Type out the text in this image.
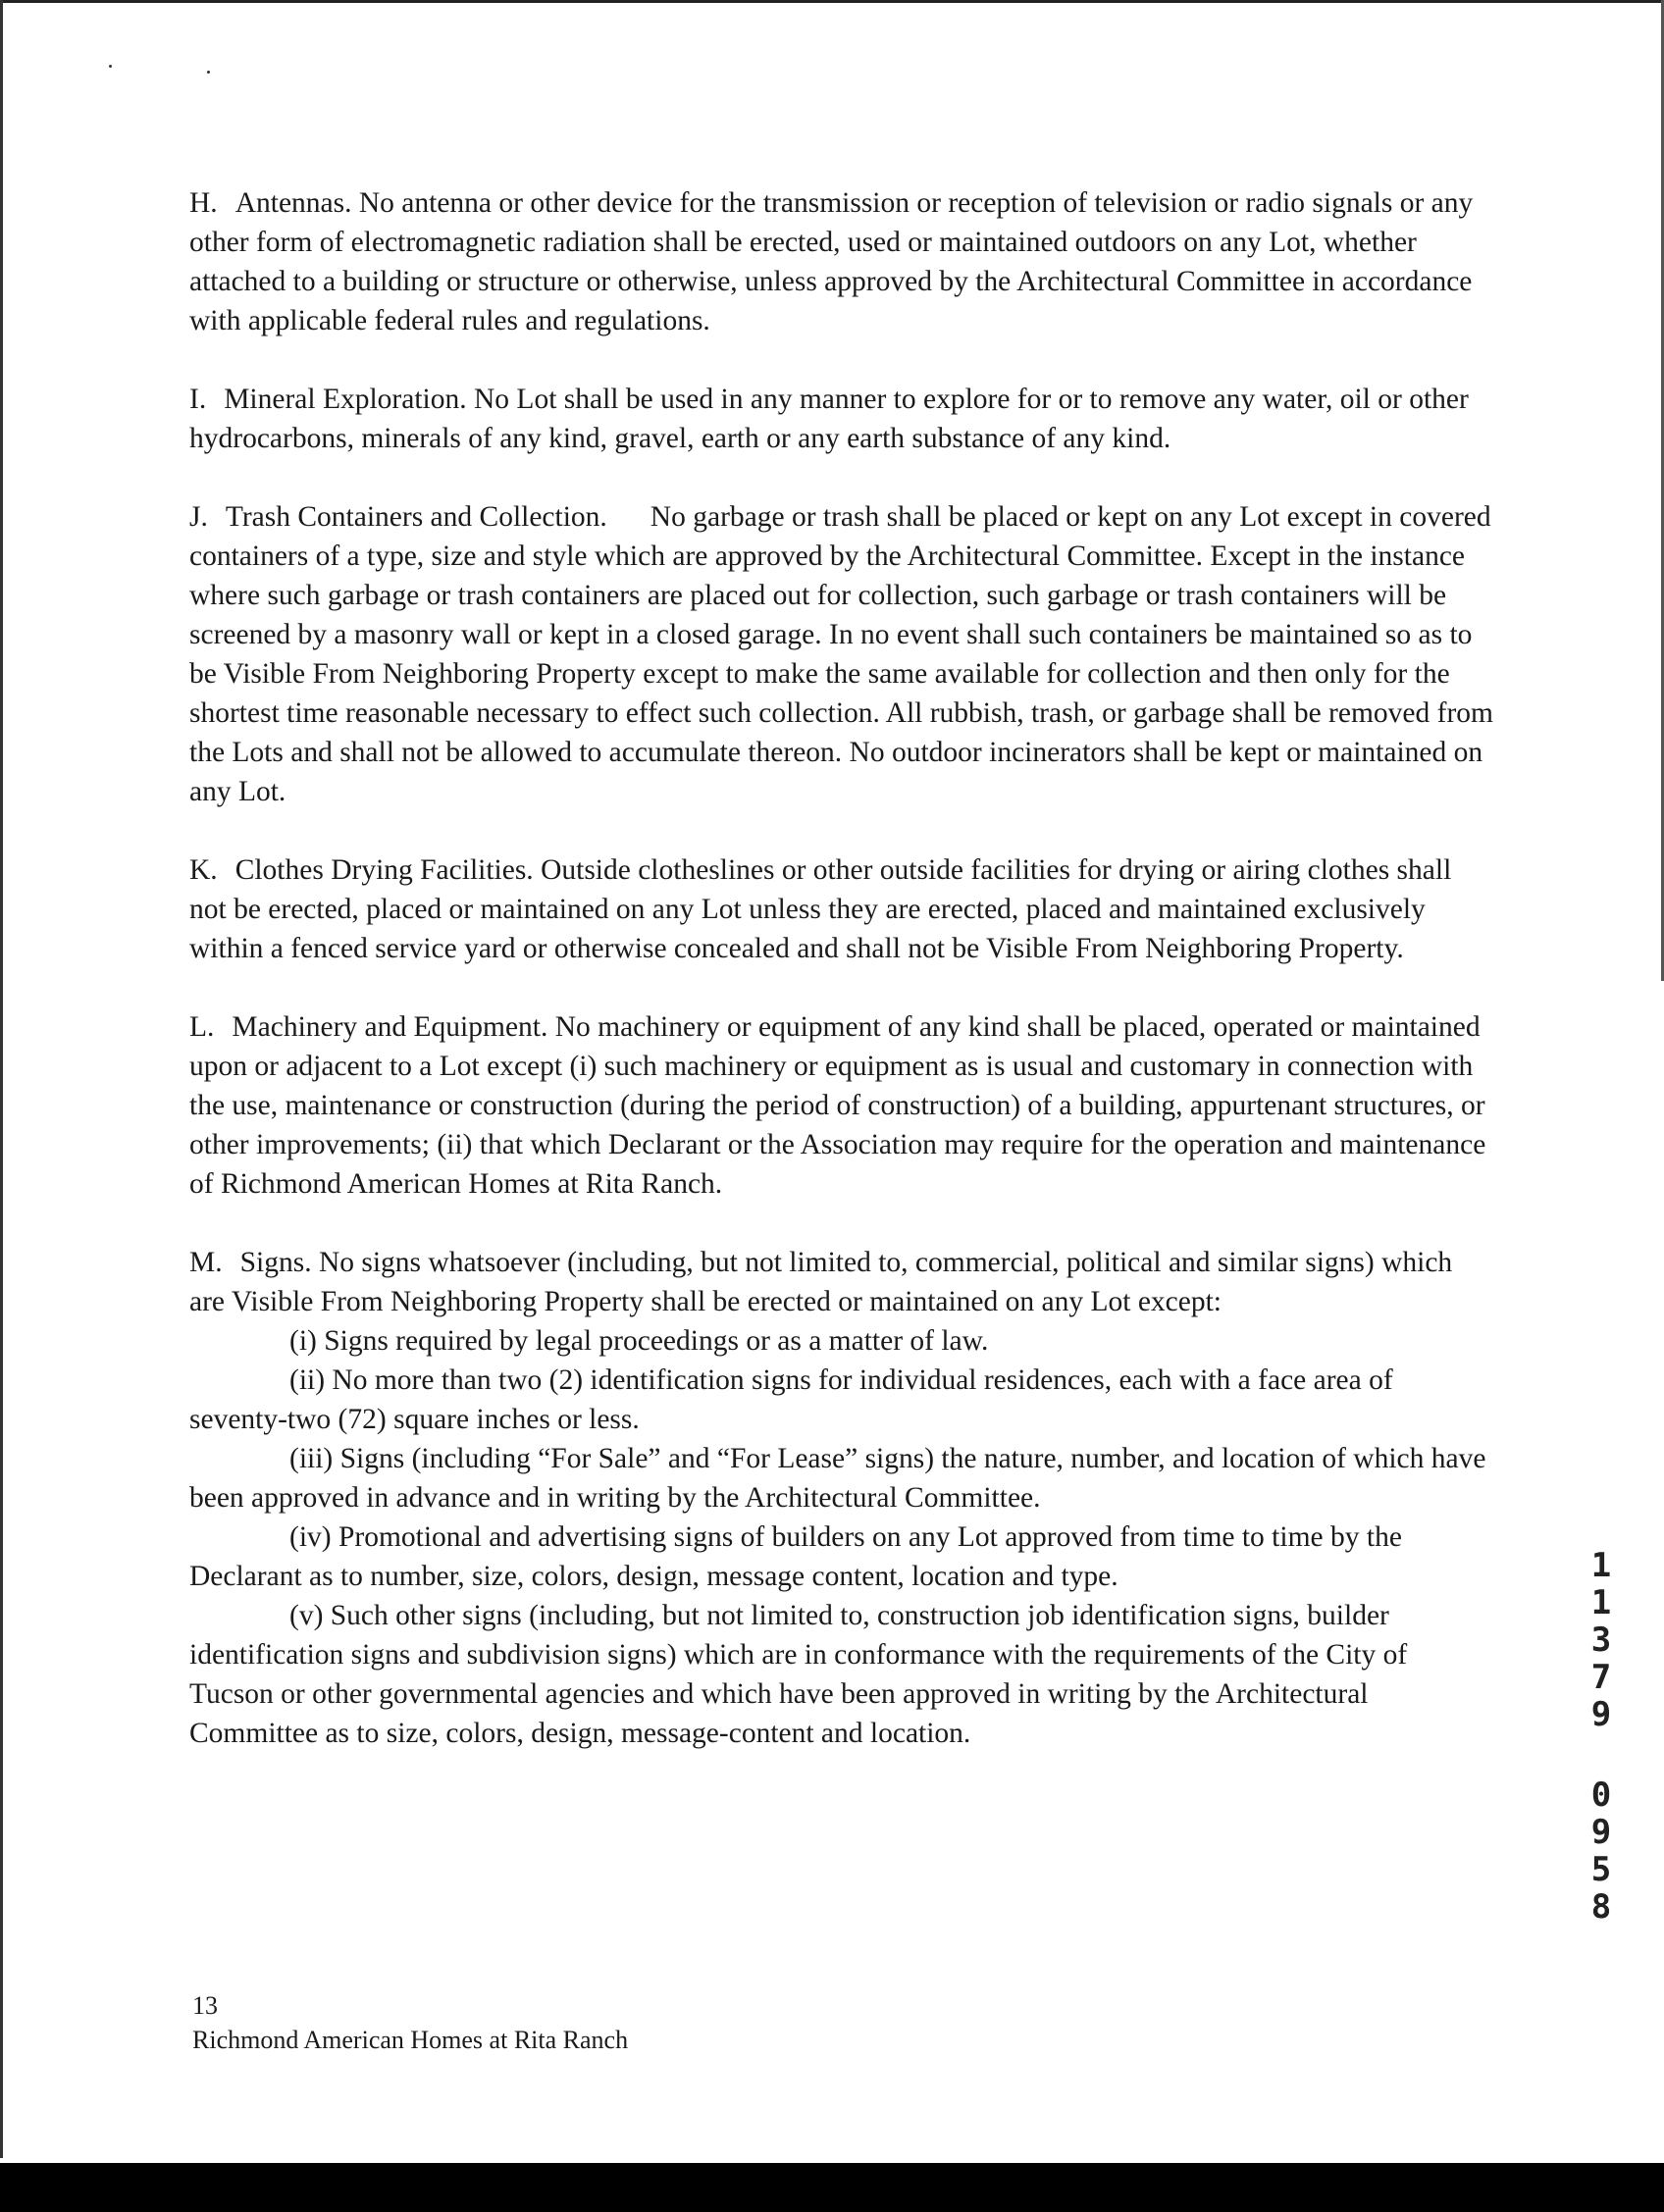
H. Antennas. No antenna or other device for the transmission or reception of television or radio signals or any other form of electromagnetic radiation shall be erected, used or maintained outdoors on any Lot, whether attached to a building or structure or otherwise, unless approved by the Architectural Committee in accordance with applicable federal rules and regulations.

I. Mineral Exploration. No Lot shall be used in any manner to explore for or to remove any water, oil or other hydrocarbons, minerals of any kind, gravel, earth or any earth substance of any kind.

J. Trash Containers and Collection. No garbage or trash shall be placed or kept on any Lot except in covered containers of a type, size and style which are approved by the Architectural Committee. Except in the instance where such garbage or trash containers are placed out for collection, such garbage or trash containers will be screened by a masonry wall or kept in a closed garage. In no event shall such containers be maintained so as to be Visible From Neighboring Property except to make the same available for collection and then only for the shortest time reasonable necessary to effect such collection. All rubbish, trash, or garbage shall be removed from the Lots and shall not be allowed to accumulate thereon. No outdoor incinerators shall be kept or maintained on any Lot.

K. Clothes Drying Facilities. Outside clotheslines or other outside facilities for drying or airing clothes shall not be erected, placed or maintained on any Lot unless they are erected, placed and maintained exclusively within a fenced service yard or otherwise concealed and shall not be Visible From Neighboring Property.

L. Machinery and Equipment. No machinery or equipment of any kind shall be placed, operated or maintained upon or adjacent to a Lot except (i) such machinery or equipment as is usual and customary in connection with the use, maintenance or construction (during the period of construction) of a building, appurtenant structures, or other improvements; (ii) that which Declarant or the Association may require for the operation and maintenance of Richmond American Homes at Rita Ranch.

M. Signs. No signs whatsoever (including, but not limited to, commercial, political and similar signs) which are Visible From Neighboring Property shall be erected or maintained on any Lot except:

(i) Signs required by legal proceedings or as a matter of law.

(ii) No more than two (2) identification signs for individual residences, each with a face area of seventy-two (72) square inches or less.

(iii) Signs (including “For Sale” and “For Lease” signs) the nature, number, and location of which have been approved in advance and in writing by the Architectural Committee.

(iv) Promotional and advertising signs of builders on any Lot approved from time to time by the Declarant as to number, size, colors, design, message content, location and type.

(v) Such other signs (including, but not limited to, construction job identification signs, builder identification signs and subdivision signs) which are in conformance with the requirements of the City of Tucson or other governmental agencies and which have been approved in writing by the Architectural Committee as to size, colors, design, message-content and location.

13
Richmond American Homes at Rita Ranch
1
1
3
7
9
0
9
5
8
